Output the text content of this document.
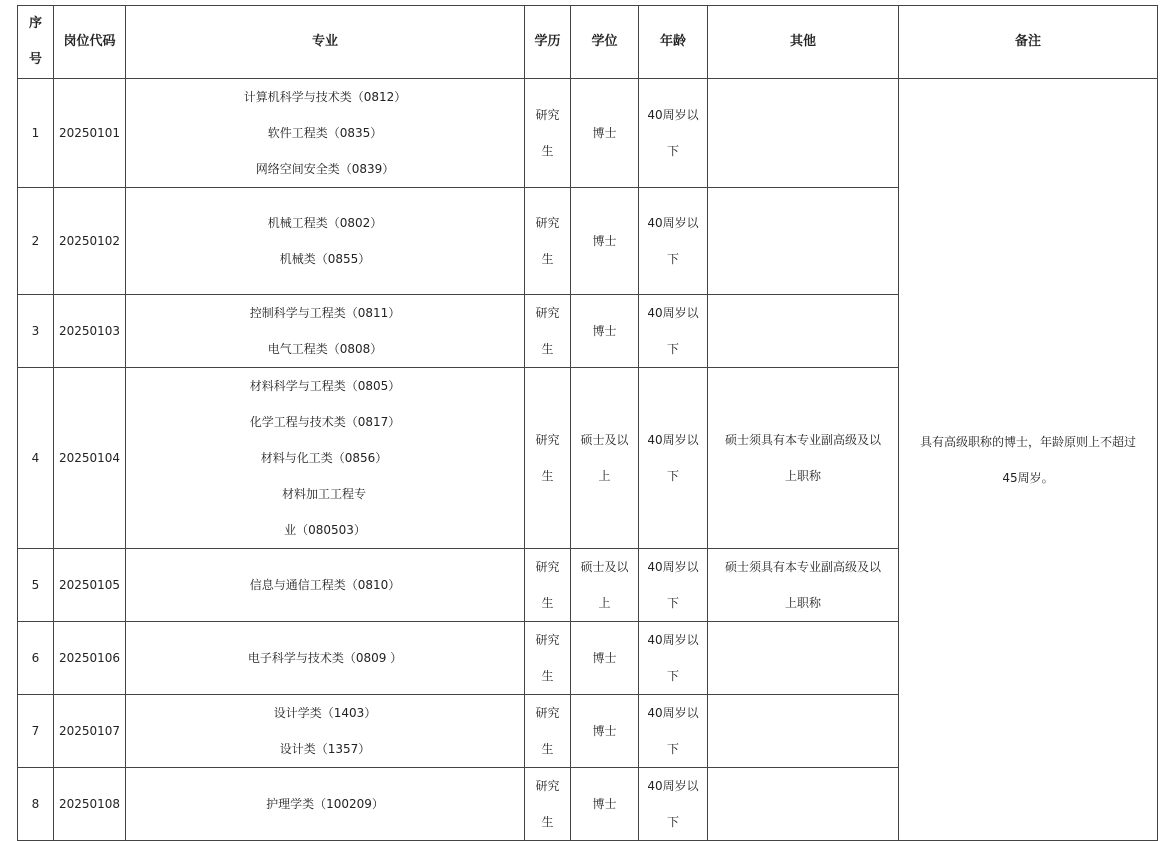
序
号	岗位代码	专业	学历	学位	年龄	其他	备注
1	20250101	计算机科学与技术类（0812）
软件工程类（0835）
网络空间安全类（0839）	研究
生	博士	40周岁以
下		具有高级职称的博士，年龄原则上不超过
45周岁。

2	20250102	机械工程类（0802）
机械类（0855）	研究
生	博士	40周岁以
下		

3	20250103	控制科学与工程类（0811）
电气工程类（0808）	研究
生	博士	40周岁以
下		

4	20250104	材料科学与工程类（0805）
化学工程与技术类（0817）
材料与化工类（0856）
材料加工工程专
业（080503）	研究
生	硕士及以
上	40周岁以
下	硕士须具有本专业副高级及以
上职称	

5	20250105	信息与通信工程类（0810）	研究
生	硕士及以
上	40周岁以
下	硕士须具有本专业副高级及以
上职称	

6	20250106	电子科学与技术类（0809 ）	研究
生	博士	40周岁以
下		

7	20250107	设计学类（1403）
设计类（1357）	研究
生	博士	40周岁以
下		

8	20250108	护理学类（100209）	研究
生	博士	40周岁以
下		
